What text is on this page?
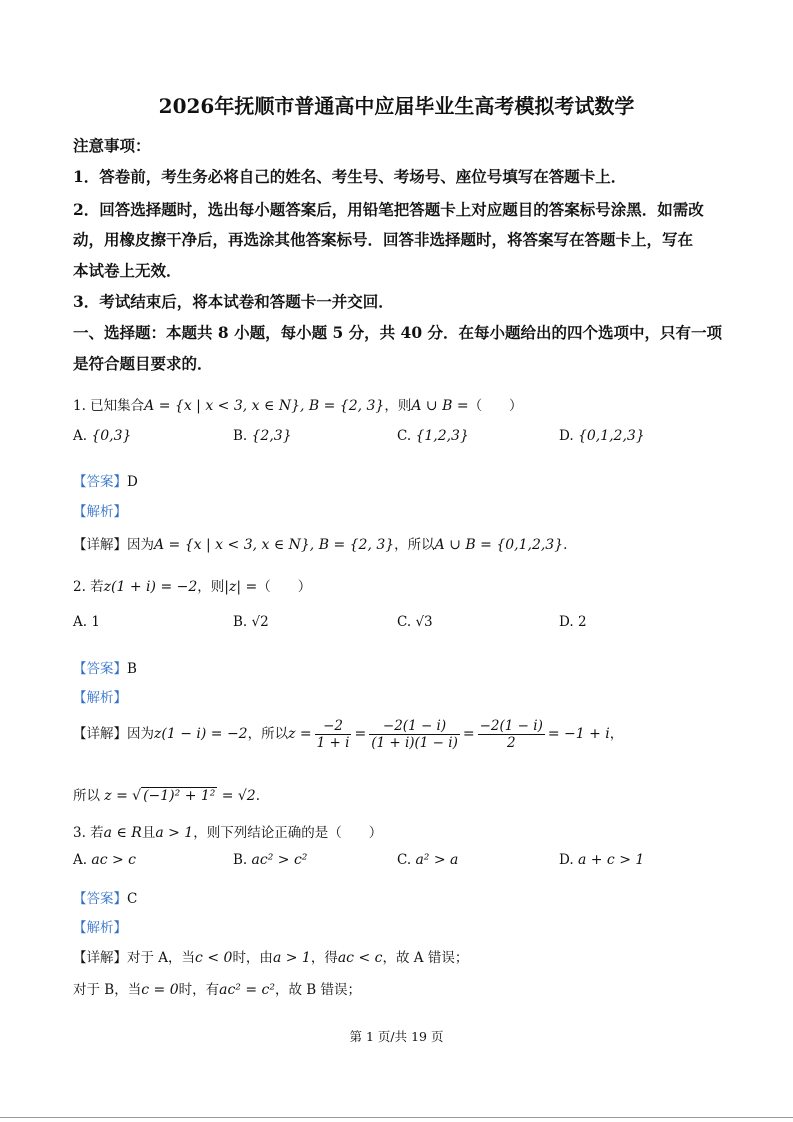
2026年抚顺市普通高中应届毕业生高考模拟考试数学
注意事项：
1．答卷前，考生务必将自己的姓名、考生号、考场号、座位号填写在答题卡上．
2．回答选择题时，选出每小题答案后，用铅笔把答题卡上对应题目的答案标号涂黑．如需改
动，用橡皮擦干净后，再选涂其他答案标号．回答非选择题时，将答案写在答题卡上，写在
本试卷上无效．
3．考试结束后，将本试卷和答题卡一并交回．
一、选择题：本题共 8 小题，每小题 5 分，共 40 分．在每小题给出的四个选项中，只有一项
是符合题目要求的．
1. 已知集合A = {x | x < 3, x ∈ N}, B = {2, 3}，则A ∪ B =（　　）
A. {0,3}	B. {2,3}	C. {1,2,3}	D. {0,1,2,3}
【答案】D
【解析】
【详解】因为A = {x | x < 3, x ∈ N}, B = {2, 3}，所以A ∪ B = {0,1,2,3}.
2. 若z(1 + i) = −2，则|z| =（　　）
A. 1	B. √2	C. √3	D. 2
【答案】B
【解析】
【详解】因为z(1 − i) = −2，所以$z = \frac{-2}{1 + i} = \frac{-2(1 - i)}{(1 + i)(1 - i)} = \frac{-2(1 - i)}{2} = -1 + i$，
所以 z = √ (−1)² + 1² = √2.
3. 若a ∈ R且a > 1，则下列结论正确的是（　　）
A. ac > c	B. ac² > c²	C. a² > a	D. a + c > 1
【答案】C
【解析】
【详解】对于 A，当c < 0时，由a > 1，得ac < c，故 A 错误；
对于 B，当c = 0时，有ac² = c²，故 B 错误；
第 1 页/共 19 页
